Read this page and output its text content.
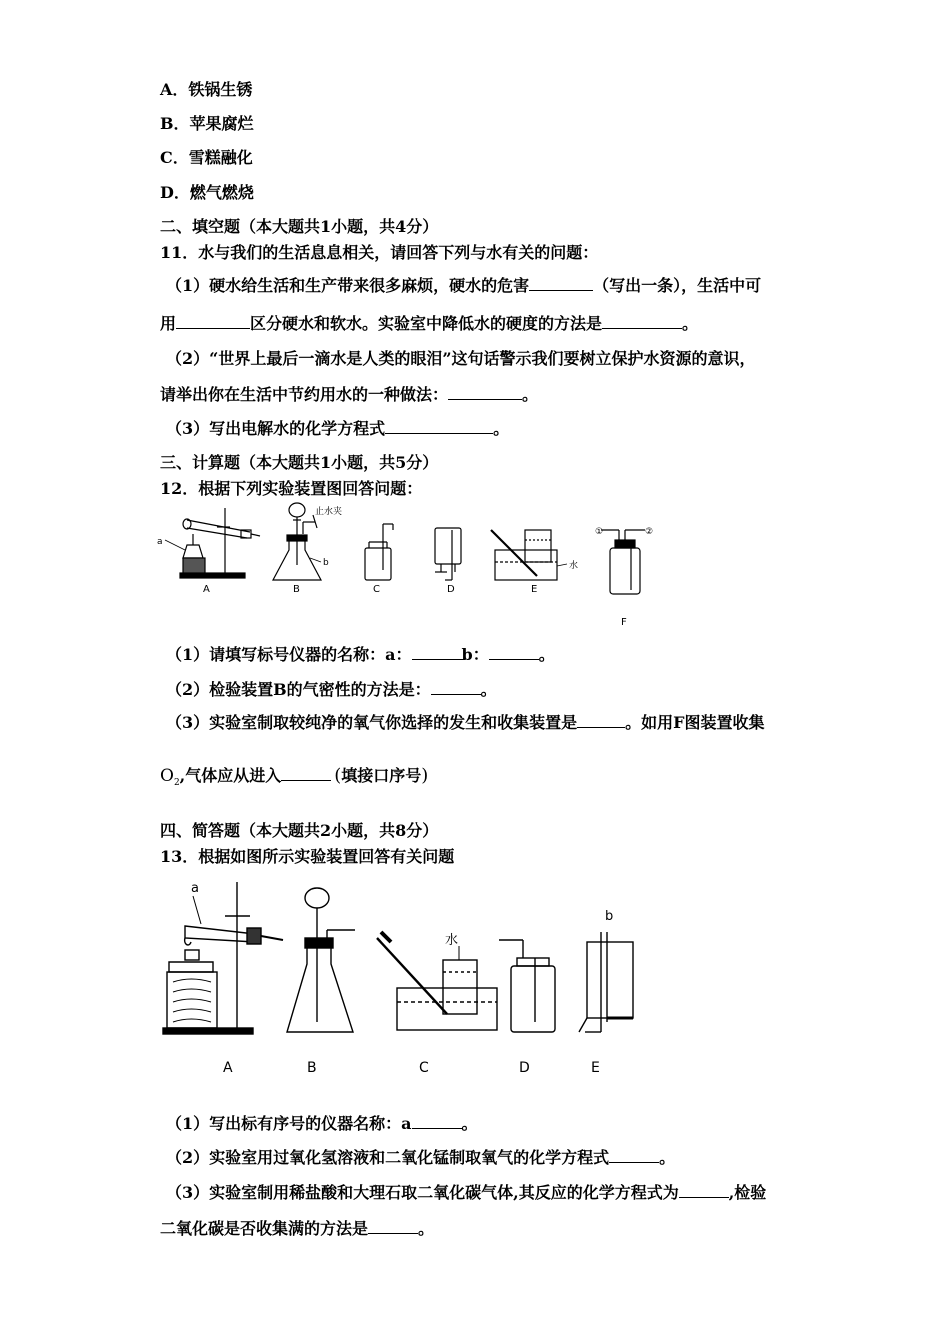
A．铁锅生锈
B．苹果腐烂
C．雪糕融化
D．燃气燃烧
二、填空题（本大题共1小题，共4分）
11．水与我们的生活息息相关，请回答下列与水有关的问题：
（1）硬水给生活和生产带来很多麻烦，硬水的危害	（写出一条），生活中可
用	区分硬水和软水。实验室中降低水的硬度的方法是	。
（2）“世界上最后一滴水是人类的眼泪”这句话警示我们要树立保护水资源的意识，
请举出你在生活中节约用水的一种做法：	。
（3）写出电解水的化学方程式	。
三、计算题（本大题共1小题，共5分）
12．根据下列实验装置图回答问题：
a
b
止水夹
水
①	②
A	B	C	D	E
F
（1）请填写标号仪器的名称：a：	b：	。
（2）检验装置B的气密性的方法是：	。
（3）实验室制取较纯净的氧气你选择的发生和收集装置是	。如用F图装置收集
$O_2$,气体应从进入	(填接口序号)
四、简答题（本大题共2小题，共8分）
13．根据如图所示实验装置回答有关问题
a
b
水
A	B	C	D	E
（1）写出标有序号的仪器名称：a	。
（2）实验室用过氧化氢溶液和二氧化锰制取氧气的化学方程式	。
（3）实验室制用稀盐酸和大理石取二氧化碳气体,其反应的化学方程式为	,检验
二氧化碳是否收集满的方法是	。
